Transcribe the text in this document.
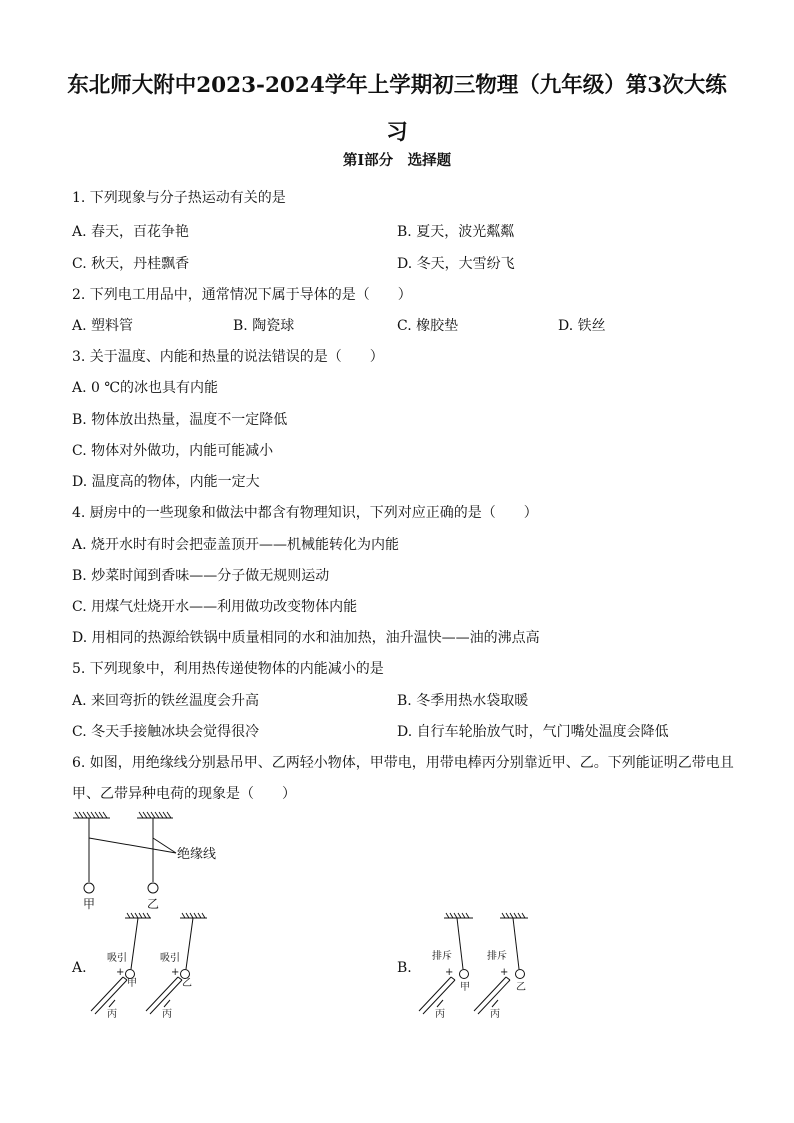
东北师大附中2023-2024学年上学期初三物理（九年级）第3次大练习
第Ⅰ部分　选择题
1. 下列现象与分子热运动有关的是
A. 春天，百花争艳	B. 夏天，波光粼粼
C. 秋天，丹桂飘香	D. 冬天，大雪纷飞
2. 下列电工用品中，通常情况下属于导体的是（　　）
A. 塑料管	B. 陶瓷球	C. 橡胶垫	D. 铁丝
3. 关于温度、内能和热量的说法错误的是（　　）
A. 0 ℃的冰也具有内能
B. 物体放出热量，温度不一定降低
C. 物体对外做功，内能可能减小
D. 温度高的物体，内能一定大
4. 厨房中的一些现象和做法中都含有物理知识，下列对应正确的是（　　）
A. 烧开水时有时会把壶盖顶开——机械能转化为内能
B. 炒菜时闻到香味——分子做无规则运动
C. 用煤气灶烧开水——利用做功改变物体内能
D. 用相同的热源给铁锅中质量相同的水和油加热，油升温快——油的沸点高
5. 下列现象中，利用热传递使物体的内能减小的是
A. 来回弯折的铁丝温度会升高	B. 冬季用热水袋取暖
C. 冬天手接触冰块会觉得很冷	D. 自行车轮胎放气时，气门嘴处温度会降低
6. 如图，用绝缘线分别悬吊甲、乙两轻小物体，甲带电，用带电棒丙分别靠近甲、乙。下列能证明乙带电且甲、乙带异种电荷的现象是（　　）
绝缘线
甲	乙
A.	B.
吸引	吸引
+	+
甲	乙
丙	丙
排斥	排斥
+	+
甲	乙
丙	丙
